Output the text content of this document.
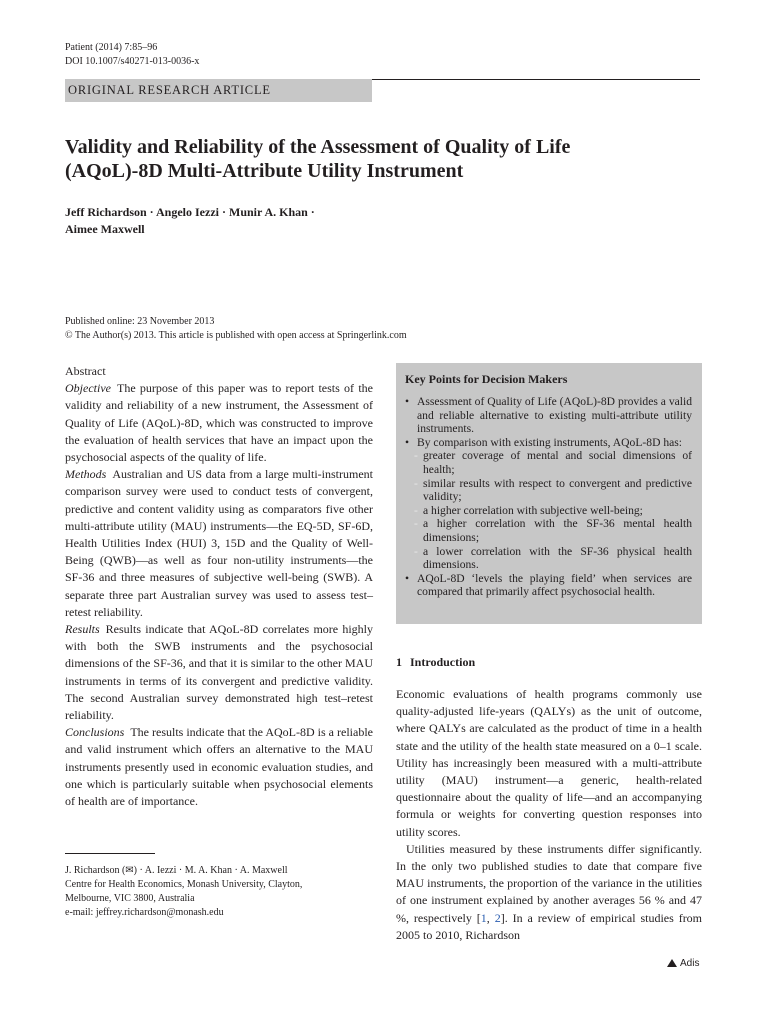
Patient (2014) 7:85–96
DOI 10.1007/s40271-013-0036-x
ORIGINAL RESEARCH ARTICLE
Validity and Reliability of the Assessment of Quality of Life
(AQoL)-8D Multi-Attribute Utility Instrument
Jeff Richardson · Angelo Iezzi · Munir A. Khan ·
Aimee Maxwell
Published online: 23 November 2013
© The Author(s) 2013. This article is published with open access at Springerlink.com
Abstract

Objective The purpose of this paper was to report tests of the validity and reliability of a new instrument, the Assessment of Quality of Life (AQoL)-8D, which was constructed to improve the evaluation of health services that have an impact upon the psychosocial aspects of the quality of life.

Methods Australian and US data from a large multi-instrument comparison survey were used to conduct tests of convergent, predictive and content validity using as comparators five other multi-attribute utility (MAU) instruments—the EQ-5D, SF-6D, Health Utilities Index (HUI) 3, 15D and the Quality of Well-Being (QWB)—as well as four non-utility instruments—the SF-36 and three measures of subjective well-being (SWB). A separate three part Australian survey was used to assess test–retest reliability.

Results Results indicate that AQoL-8D correlates more highly with both the SWB instruments and the psychosocial dimensions of the SF-36, and that it is similar to the other MAU instruments in terms of its convergent and predictive validity. The second Australian survey demonstrated high test–retest reliability.

Conclusions The results indicate that the AQoL-8D is a reliable and valid instrument which offers an alternative to the MAU instruments presently used in economic evaluation studies, and one which is particularly suitable when psychosocial elements of health are of importance.

Key Points for Decision Makers
• Assessment of Quality of Life (AQoL)-8D provides a valid and reliable alternative to existing multi-attribute utility instruments.
• By comparison with existing instruments, AQoL-8D has:
- greater coverage of mental and social dimensions of health;
- similar results with respect to convergent and predictive validity;
- a higher correlation with subjective well-being;
- a higher correlation with the SF-36 mental health dimensions;
- a lower correlation with the SF-36 physical health dimensions.
• AQoL-8D ‘levels the playing field’ when services are compared that primarily affect psychosocial health.
1 Introduction

Economic evaluations of health programs commonly use quality-adjusted life-years (QALYs) as the unit of outcome, where QALYs are calculated as the product of time in a health state and the utility of the health state measured on a 0–1 scale. Utility has increasingly been measured with a multi-attribute utility (MAU) instrument—a generic, health-related questionnaire about the quality of life—and an accompanying formula or weights for converting question responses into utility scores.

Utilities measured by these instruments differ significantly. In the only two published studies to date that compare five MAU instruments, the proportion of the variance in the utilities of one instrument explained by another averages 56 % and 47 %, respectively [1, 2]. In a review of empirical studies from 2005 to 2010, Richardson

J. Richardson (✉) · A. Iezzi · M. A. Khan · A. Maxwell
Centre for Health Economics, Monash University, Clayton,
Melbourne, VIC 3800, Australia
e-mail: jeffrey.richardson@monash.edu
Adis
